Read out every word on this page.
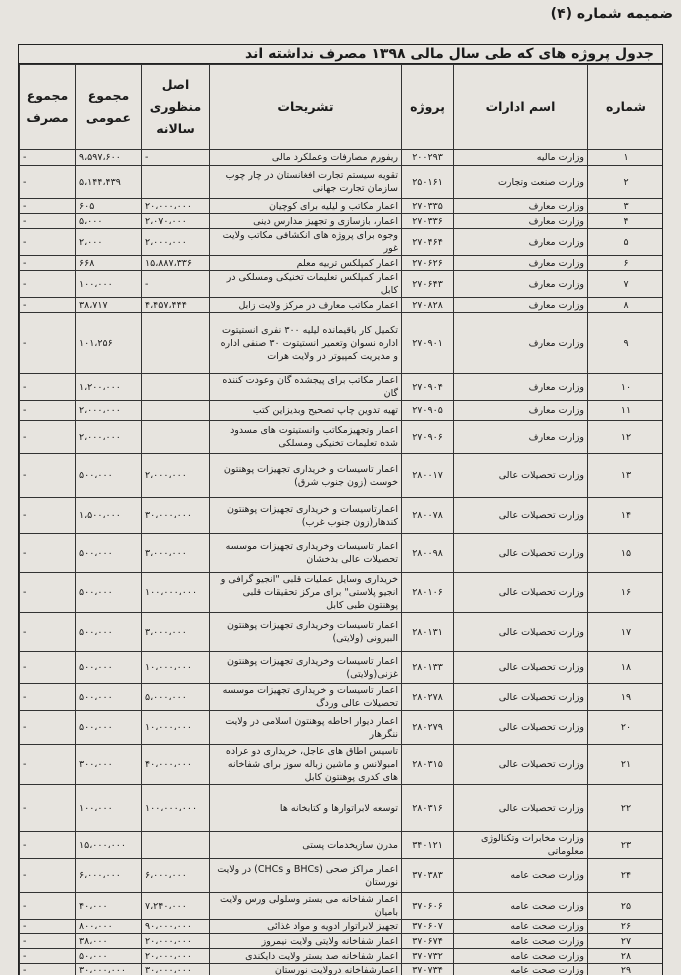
ضمیمه شماره (۴)
جدول پروژه های که طی سال مالی ۱۳۹۸ مصرف نداشته اند
مجموع مصرف	مجموع عمومی	اصل منظوری سالانه	تشریحات	پروژه	اسم ادارات	شماره
-	۹،۵۹۷،۶۰۰	-	ریفورم مصارفات وعملکرد مالی	۲۰۰۲۹۳	وزارت مالیه	۱
-	۵،۱۴۴،۴۳۹		تقویه سیستم تجارت افغانستان در چار چوب سازمان تجارت جهانی	۲۵۰۱۶۱	وزارت صنعت وتجارت	۲
-	۶۰۵	۲۰،۰۰۰،۰۰۰	اعمار مکاتب و لیلیه برای کوچیان	۲۷۰۳۳۵	وزارت معارف	۳
-	۵،۰۰۰	۲،۰۷۰،۰۰۰	اعمار، بازسازی و تجهیز مدارس دینی	۲۷۰۳۳۶	وزارت معارف	۴
-	۲،۰۰۰	۲،۰۰۰،۰۰۰	وجوه برای پروژه های انکشافی مکاتب ولایت غور	۲۷۰۴۶۴	وزارت معارف	۵
-	۶۶۸	۱۵،۸۸۷،۳۳۶	اعمار کمپلکس تربیه معلم	۲۷۰۶۲۶	وزارت معارف	۶
-	۱۰۰،۰۰۰	-	اعمار کمپلکس تعلیمات تخنیکی ومسلکی در کابل	۲۷۰۶۴۳	وزارت معارف	۷
-	۳۸،۷۱۷	۴،۴۵۷،۴۴۴	اعمار مکاتب معارف در مرکز ولایت زابل	۲۷۰۸۲۸	وزارت معارف	۸
-	۱۰۱،۲۵۶		تکمیل کار باقیمانده لیلیه ۳۰۰ نفری انستیتوت اداره نسوان وتعمیر انستیتوت ۳۰ صنفی اداره و مدیریت کمپیوتر در ولایت هرات	۲۷۰۹۰۱	وزارت معارف	۹
-	۱،۲۰۰،۰۰۰		اعمار مکاتب برای پیجشده گان وعودت کننده گان	۲۷۰۹۰۴	وزارت معارف	۱۰
-	۲،۰۰۰،۰۰۰		تهیه تدوین چاپ تصحیح وبدیزاین کتب	۲۷۰۹۰۵	وزارت معارف	۱۱
-	۲،۰۰۰،۰۰۰		اعمار وتجهیزمکاتب وانستیتوت های مسدود شده تعلیمات تخنیکی ومسلکی	۲۷۰۹۰۶	وزارت معارف	۱۲
-	۵۰۰،۰۰۰	۲،۰۰۰،۰۰۰	اعمار تاسیسات و خریداری تجهیزات پوهنتون خوست (زون جنوب شرق)	۲۸۰۰۱۷	وزارت تحصیلات عالی	۱۳
-	۱،۵۰۰،۰۰۰	۳۰،۰۰۰،۰۰۰	اعمارتاسیسات و خریداری تجهیزات پوهنتون کندهار(زون جنوب غرب)	۲۸۰۰۷۸	وزارت تحصیلات عالی	۱۴
-	۵۰۰،۰۰۰	۳،۰۰۰،۰۰۰	اعمار تاسیسات وخریداری تجهیزات موسسه تحصیلات عالی بدخشان	۲۸۰۰۹۸	وزارت تحصیلات عالی	۱۵
-	۵۰۰،۰۰۰	۱۰۰،۰۰۰،۰۰۰	خریداری وسایل عملیات قلبی "انجیو گرافی و انجیو پلاستی" برای مرکز تحقیقات قلبی پوهنتون طبی کابل	۲۸۰۱۰۶	وزارت تحصیلات عالی	۱۶
-	۵۰۰،۰۰۰	۳،۰۰۰،۰۰۰	اعمار تاسیسات وخریداری تجهیزات پوهنتون البیرونی (ولایتی)	۲۸۰۱۳۱	وزارت تحصیلات عالی	۱۷
-	۵۰۰،۰۰۰	۱۰،۰۰۰،۰۰۰	اعمار تاسیسات وخریداری تجهیزات پوهنتون غزنی(ولایتی)	۲۸۰۱۳۳	وزارت تحصیلات عالی	۱۸
-	۵۰۰،۰۰۰	۵،۰۰۰،۰۰۰	اعمار تاسیسات و خریداری تجهیزات موسسه تحصیلات عالی وردگ	۲۸۰۲۷۸	وزارت تحصیلات عالی	۱۹
-	۵۰۰،۰۰۰	۱۰،۰۰۰،۰۰۰	اعمار دیوار احاطه پوهنتون اسلامی در ولایت ننگرهار	۲۸۰۲۷۹	وزارت تحصیلات عالی	۲۰
-	۳۰۰،۰۰۰	۴۰،۰۰۰،۰۰۰	تاسیس اطاق های عاجل، خریداری دو عراده امبولانس و ماشین زباله سوز برای شفاخانه های کدری پوهنتون کابل	۲۸۰۳۱۵	وزارت تحصیلات عالی	۲۱
-	۱۰۰،۰۰۰	۱۰۰،۰۰۰،۰۰۰	توسعه لابراتوارها و کتابخانه ها	۲۸۰۳۱۶	وزارت تحصیلات عالی	۲۲
-	۱۵،۰۰۰،۰۰۰		مدرن سازیخدمات پستی	۳۴۰۱۲۱	وزارت مخابرات وتکنالوژی معلوماتی	۲۳
-	۶،۰۰۰،۰۰۰	۶،۰۰۰،۰۰۰	اعمار مراکز صحی (BHCs و CHCs) در ولایت نورستان	۳۷۰۳۸۳	وزارت صحت عامه	۲۴
-	۴۰،۰۰۰	۷،۲۴۰،۰۰۰	اعمار شفاخانه می بستر وسلولی ورس ولایت بامیان	۳۷۰۶۰۶	وزارت صحت عامه	۲۵
-	۸۰۰،۰۰۰	۹۰،۰۰۰،۰۰۰	تجهیز لابراتوار ادویه و مواد غذائی	۳۷۰۶۰۷	وزارت صحت عامه	۲۶
-	۳۸،۰۰۰	۲۰،۰۰۰،۰۰۰	اعمار شفاخانه ولایتی ولایت نیمروز	۳۷۰۶۷۴	وزارت صحت عامه	۲۷
-	۵۰،۰۰۰	۲۰،۰۰۰،۰۰۰	اعمار شفاخانه صد بستر ولایت دایکندی	۳۷۰۷۳۲	وزارت صحت عامه	۲۸
-	۳۰،۰۰۰،۰۰۰	۳۰،۰۰۰،۰۰۰	اعمارشفاخانه درولایت نورستان	۳۷۰۷۳۴	وزارت صحت عامه	۲۹
